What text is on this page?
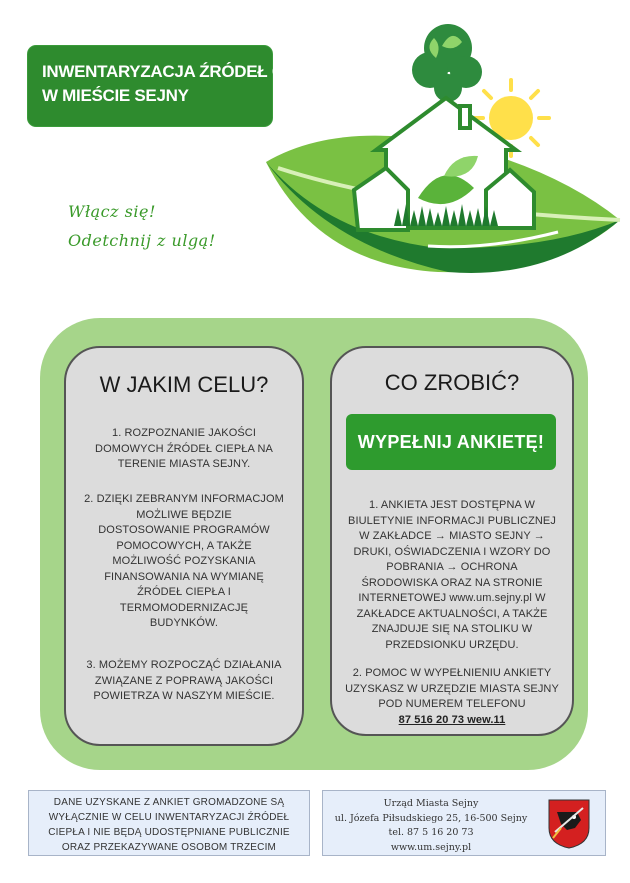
INWENTARYZACJA ŹRÓDEŁ CIEPŁA
W MIEŚCIE SEJNY
Włącz się!
Odetchnij z ulgą!
W JAKIM CELU?
1. ROZPOZNANIE JAKOŚCI
DOMOWYCH ŹRÓDEŁ CIEPŁA NA
TERENIE MIASTA SEJNY.
2. DZIĘKI ZEBRANYM INFORMACJOM
MOŻLIWE BĘDZIE
DOSTOSOWANIE PROGRAMÓW
POMOCOWYCH, A TAKŻE
MOŻLIWOŚĆ POZYSKANIA
FINANSOWANIA NA WYMIANĘ
ŹRÓDEŁ CIEPŁA I
TERMOMODERNIZACJĘ
BUDYNKÓW.
3. MOŻEMY ROZPOCZĄĆ DZIAŁANIA
ZWIĄZANE Z POPRAWĄ JAKOŚCI
POWIETRZA W NASZYM MIEŚCIE.
CO ZROBIĆ?
WYPEŁNIJ ANKIETĘ!
1. ANKIETA JEST DOSTĘPNA W
BIULETYNIE INFORMACJI PUBLICZNEJ
W ZAKŁADCE → MIASTO SEJNY →
DRUKI, OŚWIADCZENIA I WZORY DO
POBRANIA → OCHRONA
ŚRODOWISKA ORAZ NA STRONIE
INTERNETOWEJ www.um.sejny.pl W
ZAKŁADCE AKTUALNOŚCI, A TAKŻE
ZNAJDUJE SIĘ NA STOLIKU W
PRZEDSIONKU URZĘDU.
2. POMOC W WYPEŁNIENIU ANKIETY
UZYSKASZ W URZĘDZIE MIASTA SEJNY
POD NUMEREM TELEFONU
87 516 20 73 wew.11
DANE UZYSKANE Z ANKIET GROMADZONE SĄ
WYŁĄCZNIE W CELU INWENTARYZACJI ŹRÓDEŁ
CIEPŁA I NIE BĘDĄ UDOSTĘPNIANE PUBLICZNIE
ORAZ PRZEKAZYWANE OSOBOM TRZECIM
Urząd Miasta Sejny
ul. Józefa Piłsudskiego 25, 16-500 Sejny
tel. 87 5 16 20 73
www.um.sejny.pl
